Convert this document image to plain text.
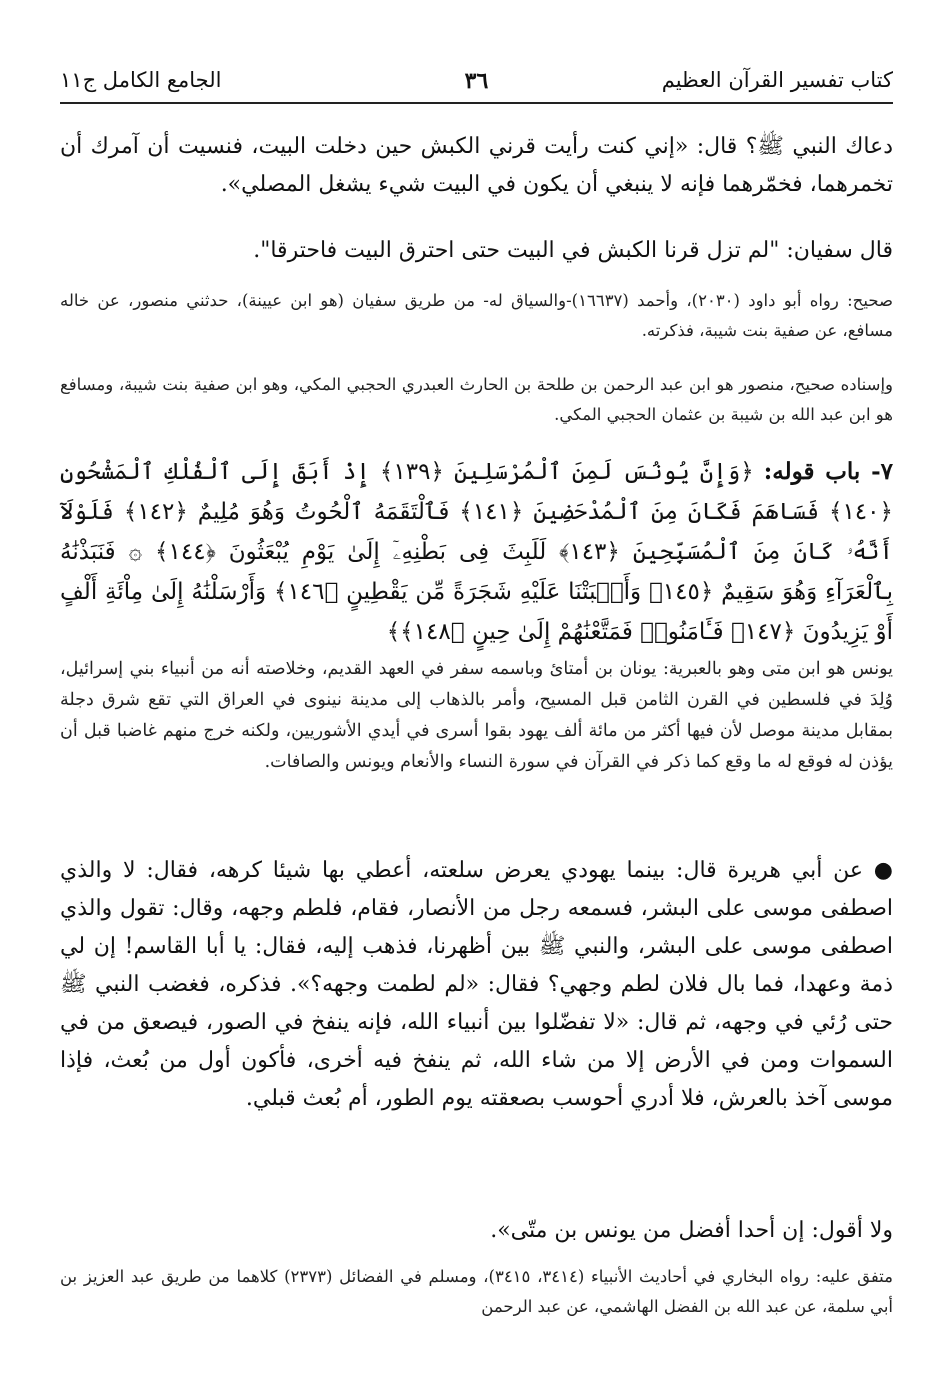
كتاب تفسير القرآن العظيم
٣٦
الجامع الكامل ج١١

دعاك النبي ﷺ؟ قال: «إني كنت رأيت قرني الكبش حين دخلت البيت، فنسيت أن آمرك أن تخمرهما، فخمّرهما فإنه لا ينبغي أن يكون في البيت شيء يشغل المصلي».

قال سفيان: "لم تزل قرنا الكبش في البيت حتى احترق البيت فاحترقا".

صحيح: رواه أبو داود (٢٠٣٠)، وأحمد (١٦٦٣٧)-والسياق له- من طريق سفيان (هو ابن عيينة)، حدثني منصور، عن خاله مسافع، عن صفية بنت شيبة، فذكرته.

وإسناده صحيح، منصور هو ابن عبد الرحمن بن طلحة بن الحارث العبدري الحجبي المكي، وهو ابن صفية بنت شيبة، ومسافع هو ابن عبد الله بن شيبة بن عثمان الحجبي المكي.

٧- باب قوله: ﴿وَإِنَّ يُونُسَ لَمِنَ ٱلْمُرْسَلِينَ ﴿١٣٩﴾ إِذْ أَبَقَ إِلَى ٱلْفُلْكِ ٱلْمَشْحُونِ ﴿١٤٠﴾ فَسَاهَمَ فَكَانَ مِنَ ٱلْمُدْحَضِينَ ﴿١٤١﴾ فَٱلْتَقَمَهُ ٱلْحُوتُ وَهُوَ مُلِيمٌ ﴿١٤٢﴾ فَلَوْلَآ أَنَّهُۥ كَانَ مِنَ ٱلْمُسَبِّحِينَ ﴿١٤٣﴾ لَلَبِثَ فِى بَطْنِهِۦٓ إِلَىٰ يَوْمِ يُبْعَثُونَ ﴿١٤٤﴾ ۞ فَنَبَذْنَٰهُ بِٱلْعَرَآءِ وَهُوَ سَقِيمٌ ﴿١٤٥﴾ وَأَنۢبَتْنَا عَلَيْهِ شَجَرَةً مِّن يَقْطِينٍ ﴿١٤٦﴾ وَأَرْسَلْنَٰهُ إِلَىٰ مِاْئَةِ أَلْفٍ أَوْ يَزِيدُونَ ﴿١٤٧﴾ فَـَٔامَنُوا۟ فَمَتَّعْنَٰهُمْ إِلَىٰ حِينٍ ﴿١٤٨﴾﴾

يونس هو ابن متى وهو بالعبرية: يونان بن أمتاىٔ وباسمه سفر في العهد القديم، وخلاصته أنه من أنبياء بني إسرائيل، وُلِدَ في فلسطين في القرن الثامن قبل المسيح، وأمر بالذهاب إلى مدينة نينوى في العراق التي تقع شرق دجلة بمقابل مدينة موصل لأن فيها أكثر من مائة ألف يهود بقوا أسرى في أيدي الأشوريين، ولكنه خرج منهم غاضبا قبل أن يؤذن له فوقع له ما وقع كما ذكر في القرآن في سورة النساء والأنعام ويونس والصافات.

● عن أبي هريرة قال: بينما يهودي يعرض سلعته، أعطي بها شيئا كرهه، فقال: لا والذي اصطفى موسى على البشر، فسمعه رجل من الأنصار، فقام، فلطم وجهه، وقال: تقول والذي اصطفى موسى على البشر، والنبي ﷺ بين أظهرنا، فذهب إليه، فقال: يا أبا القاسم! إن لي ذمة وعهدا، فما بال فلان لطم وجهي؟ فقال: «لم لطمت وجهه؟». فذكره، فغضب النبي ﷺ حتى رُئي في وجهه، ثم قال: «لا تفضّلوا بين أنبياء الله، فإنه ينفخ في الصور، فيصعق من في السموات ومن في الأرض إلا من شاء الله، ثم ينفخ فيه أخرى، فأكون أول من بُعث، فإذا موسى آخذ بالعرش، فلا أدري أحوسب بصعقته يوم الطور، أم بُعث قبلي.

ولا أقول: إن أحدا أفضل من يونس بن متّى».

متفق عليه: رواه البخاري في أحاديث الأنبياء (٣٤١٤، ٣٤١٥)، ومسلم في الفضائل (٢٣٧٣) كلاهما من طريق عبد العزيز بن أبي سلمة، عن عبد الله بن الفضل الهاشمي، عن عبد الرحمن
